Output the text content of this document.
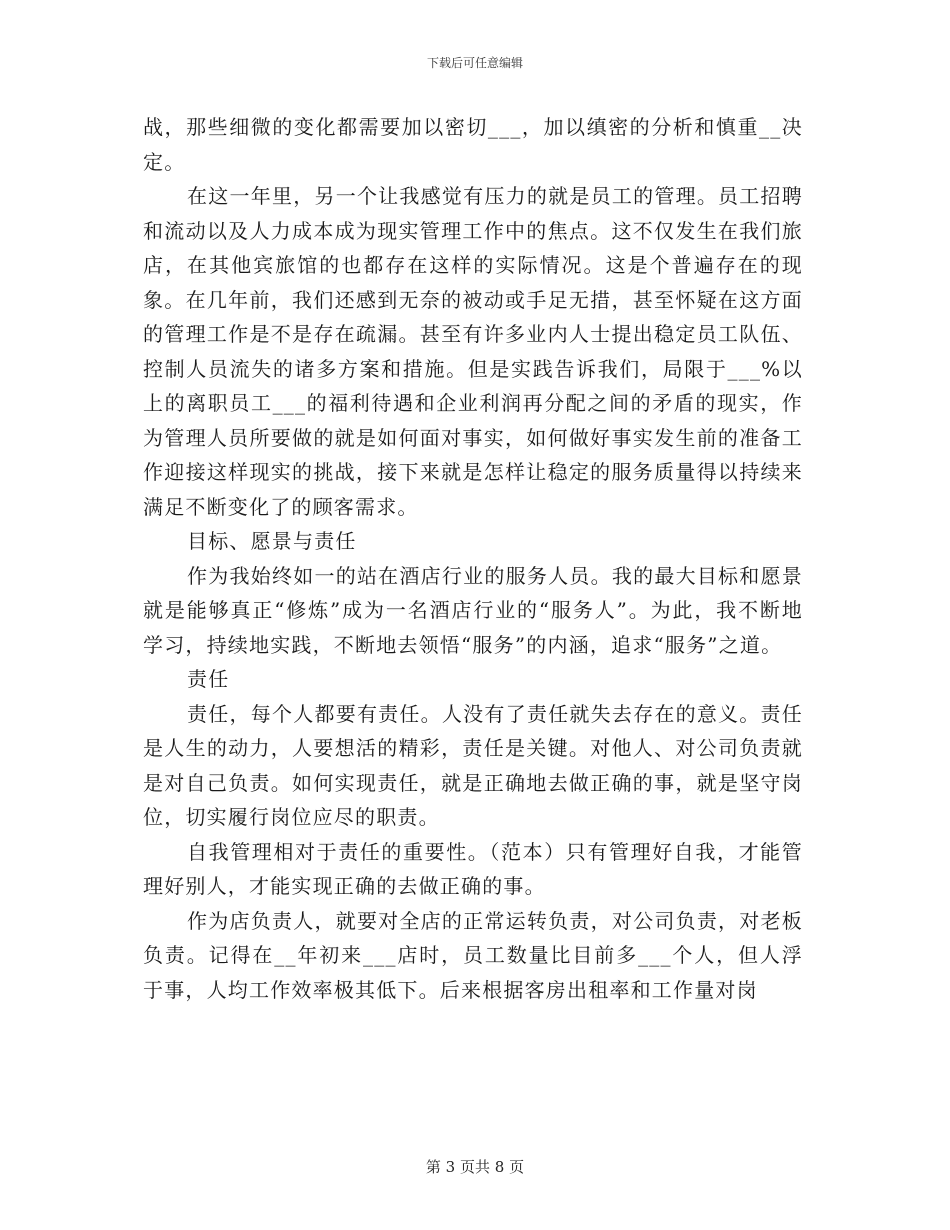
下载后可任意编辑

战，那些细微的变化都需要加以密切___，加以缜密的分析和慎重__决定。

在这一年里，另一个让我感觉有压力的就是员工的管理。员工招聘和流动以及人力成本成为现实管理工作中的焦点。这不仅发生在我们旅店，在其他宾旅馆的也都存在这样的实际情况。这是个普遍存在的现象。在几年前，我们还感到无奈的被动或手足无措，甚至怀疑在这方面的管理工作是不是存在疏漏。甚至有许多业内人士提出稳定员工队伍、控制人员流失的诸多方案和措施。但是实践告诉我们，局限于___%以上的离职员工___的福利待遇和企业利润再分配之间的矛盾的现实，作为管理人员所要做的就是如何面对事实，如何做好事实发生前的准备工作迎接这样现实的挑战，接下来就是怎样让稳定的服务质量得以持续来满足不断变化了的顾客需求。

目标、愿景与责任

作为我始终如一的站在酒店行业的服务人员。我的最大目标和愿景就是能够真正“修炼”成为一名酒店行业的“服务人”。为此，我不断地学习，持续地实践，不断地去领悟“服务”的内涵，追求“服务”之道。

责任

责任，每个人都要有责任。人没有了责任就失去存在的意义。责任是人生的动力，人要想活的精彩，责任是关键。对他人、对公司负责就是对自己负责。如何实现责任，就是正确地去做正确的事，就是坚守岗位，切实履行岗位应尽的职责。

自我管理相对于责任的重要性。（范本）只有管理好自我，才能管理好别人，才能实现正确的去做正确的事。

作为店负责人，就要对全店的正常运转负责，对公司负责，对老板负责。记得在__年初来___店时，员工数量比目前多___个人，但人浮于事，人均工作效率极其低下。后来根据客房出租率和工作量对岗

第 3 页共 8 页
